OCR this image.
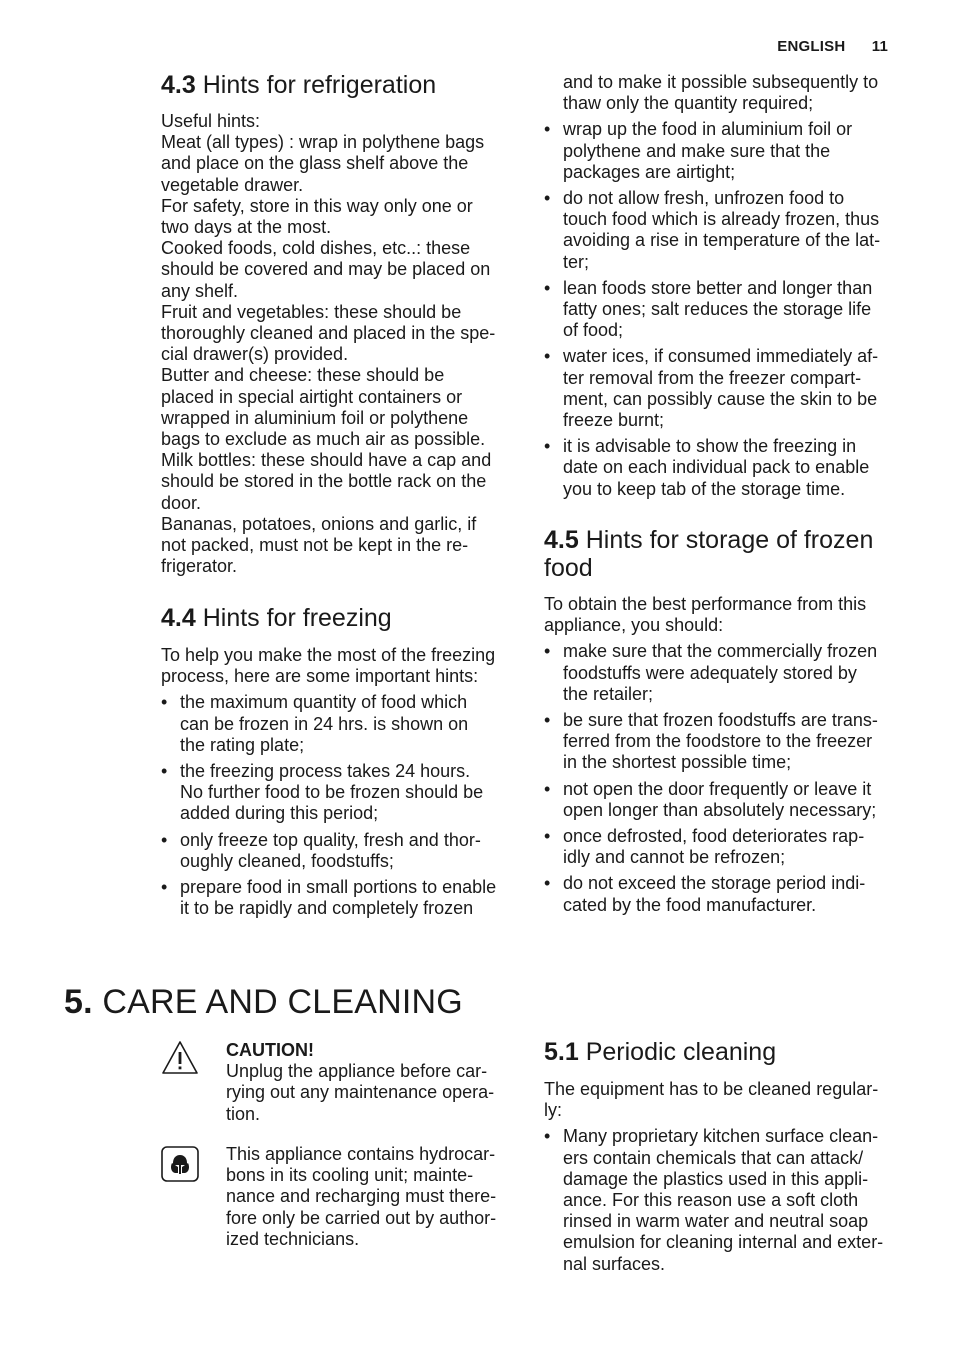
ENGLISH 11
4.3 Hints for refrigeration
Useful hints:
Meat (all types) : wrap in polythene bags
and place on the glass shelf above the
vegetable drawer.
For safety, store in this way only one or
two days at the most.
Cooked foods, cold dishes, etc..: these
should be covered and may be placed on
any shelf.
Fruit and vegetables: these should be
thoroughly cleaned and placed in the spe-
cial drawer(s) provided.
Butter and cheese: these should be
placed in special airtight containers or
wrapped in aluminium foil or polythene
bags to exclude as much air as possible.
Milk bottles: these should have a cap and
should be stored in the bottle rack on the
door.
Bananas, potatoes, onions and garlic, if
not packed, must not be kept in the re-
frigerator.
4.4 Hints for freezing
To help you make the most of the freezing
process, here are some important hints:
• the maximum quantity of food which
can be frozen in 24 hrs. is shown on
the rating plate;
• the freezing process takes 24 hours.
No further food to be frozen should be
added during this period;
• only freeze top quality, fresh and thor-
oughly cleaned, foodstuffs;
• prepare food in small portions to enable
it to be rapidly and completely frozen
and to make it possible subsequently to
thaw only the quantity required;
• wrap up the food in aluminium foil or
polythene and make sure that the
packages are airtight;
• do not allow fresh, unfrozen food to
touch food which is already frozen, thus
avoiding a rise in temperature of the lat-
ter;
• lean foods store better and longer than
fatty ones; salt reduces the storage life
of food;
• water ices, if consumed immediately af-
ter removal from the freezer compart-
ment, can possibly cause the skin to be
freeze burnt;
• it is advisable to show the freezing in
date on each individual pack to enable
you to keep tab of the storage time.
4.5 Hints for storage of frozen
food
To obtain the best performance from this
appliance, you should:
• make sure that the commercially frozen
foodstuffs were adequately stored by
the retailer;
• be sure that frozen foodstuffs are trans-
ferred from the foodstore to the freezer
in the shortest possible time;
• not open the door frequently or leave it
open longer than absolutely necessary;
• once defrosted, food deteriorates rap-
idly and cannot be refrozen;
• do not exceed the storage period indi-
cated by the food manufacturer.
5. CARE AND CLEANING

CAUTION!

Unplug the appliance before car-
rying out any maintenance opera-
tion.
This appliance contains hydrocar-
bons in its cooling unit; mainte-
nance and recharging must there-
fore only be carried out by author-
ized technicians.
5.1 Periodic cleaning
The equipment has to be cleaned regular-
ly:
• Many proprietary kitchen surface clean-
ers contain chemicals that can attack/
damage the plastics used in this appli-
ance. For this reason use a soft cloth
rinsed in warm water and neutral soap
emulsion for cleaning internal and exter-
nal surfaces.
